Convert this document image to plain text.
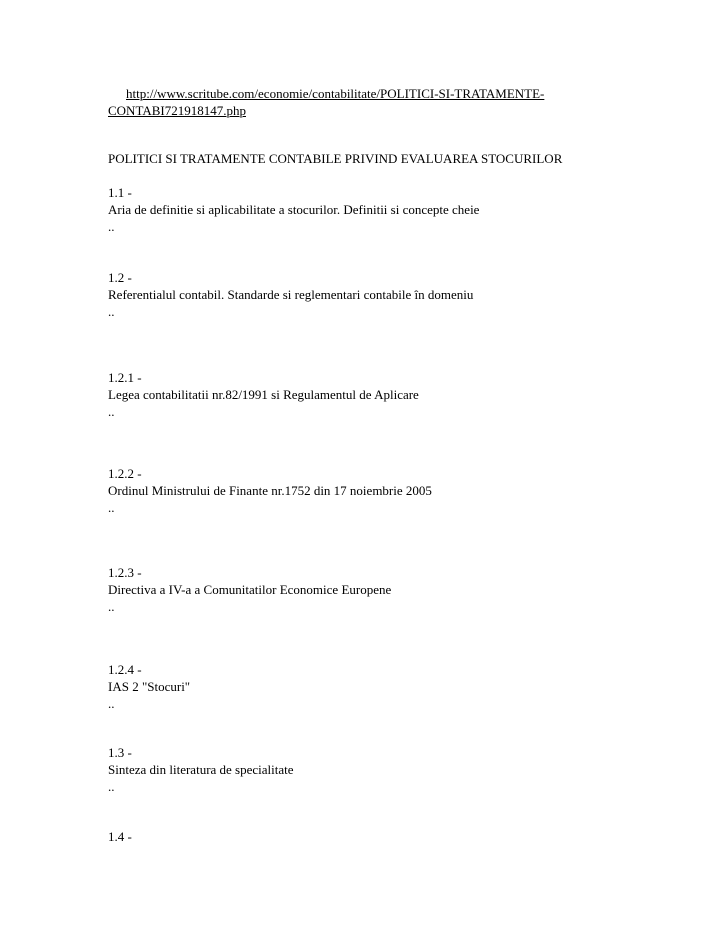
http://www.scritube.com/economie/contabilitate/POLITICI-SI-TRATAMENTE-
CONTABI721918147.php
POLITICI SI TRATAMENTE CONTABILE PRIVIND EVALUAREA STOCURILOR
1.1 -
Aria de definitie si aplicabilitate a stocurilor. Definitii si concepte cheie
..
1.2 -
Referentialul contabil. Standarde si reglementari contabile în domeniu
..
1.2.1 -
Legea contabilitatii nr.82/1991 si Regulamentul de Aplicare
..
1.2.2 -
Ordinul Ministrului de Finante nr.1752 din 17 noiembrie 2005
..
1.2.3 -
Directiva a IV-a a Comunitatilor Economice Europene
..
1.2.4 -
IAS 2 "Stocuri"
..
1.3 -
Sinteza din literatura de specialitate
..
1.4 -
